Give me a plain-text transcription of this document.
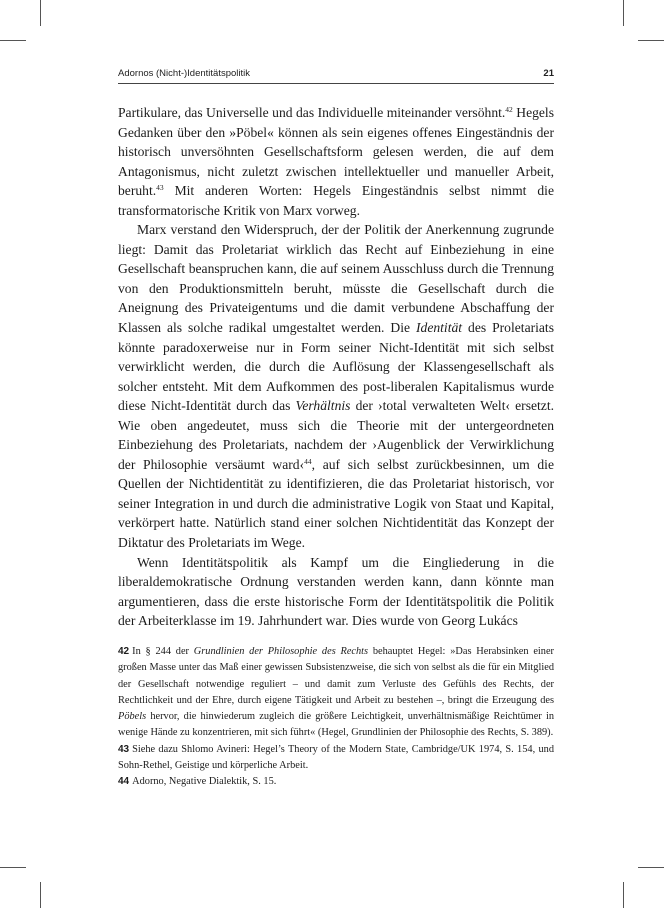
Adornos (Nicht-)Identitätspolitik	21

Partikulare, das Universelle und das Individuelle miteinander versöhnt.$^{42}$ Hegels Gedanken über den »Pöbel« können als sein eigenes offenes Eingeständnis der historisch unversöhnten Gesellschaftsform gelesen werden, die auf dem Antagonismus, nicht zuletzt zwischen intellektueller und manueller Arbeit, beruht.$^{43}$ Mit anderen Worten: Hegels Eingeständnis selbst nimmt die transformatorische Kritik von Marx vorweg.

Marx verstand den Widerspruch, der der Politik der Anerkennung zugrunde liegt: Damit das Proletariat wirklich das Recht auf Einbeziehung in eine Gesellschaft beanspruchen kann, die auf seinem Ausschluss durch die Trennung von den Produktionsmitteln beruht, müsste die Gesellschaft durch die Aneignung des Privateigentums und die damit verbundene Abschaffung der Klassen als solche radikal umgestaltet werden. Die Identität des Proletariats könnte paradoxerweise nur in Form seiner Nicht-Identität mit sich selbst verwirklicht werden, die durch die Auflösung der Klassengesellschaft als solcher entsteht. Mit dem Aufkommen des post-liberalen Kapitalismus wurde diese Nicht-Identität durch das Verhältnis der ›total verwalteten Welt‹ ersetzt. Wie oben angedeutet, muss sich die Theorie mit der untergeordneten Einbeziehung des Proletariats, nachdem der ›Augenblick der Verwirklichung der Philosophie versäumt ward‹$^{44}$, auf sich selbst zurückbesinnen, um die Quellen der Nichtidentität zu identifizieren, die das Proletariat historisch, vor seiner Integration in und durch die administrative Logik von Staat und Kapital, verkörpert hatte. Natürlich stand einer solchen Nichtidentität das Konzept der Diktatur des Proletariats im Wege.

Wenn Identitätspolitik als Kampf um die Eingliederung in die liberaldemokratische Ordnung verstanden werden kann, dann könnte man argumentieren, dass die erste historische Form der Identitätspolitik die Politik der Arbeiterklasse im 19. Jahrhundert war. Dies wurde von Georg Lukács

42 In § 244 der Grundlinien der Philosophie des Rechts behauptet Hegel: »Das Herabsinken einer großen Masse unter das Maß einer gewissen Subsistenzweise, die sich von selbst als die für ein Mitglied der Gesellschaft notwendige reguliert – und damit zum Verluste des Gefühls des Rechts, der Rechtlichkeit und der Ehre, durch eigene Tätigkeit und Arbeit zu bestehen –, bringt die Erzeugung des Pöbels hervor, die hinwiederum zugleich die größere Leichtigkeit, unverhältnismäßige Reichtümer in wenige Hände zu konzentrieren, mit sich führt« (Hegel, Grundlinien der Philosophie des Rechts, S. 389).

43 Siehe dazu Shlomo Avineri: Hegel’s Theory of the Modern State, Cambridge/UK 1974, S. 154, und Sohn-Rethel, Geistige und körperliche Arbeit.

44 Adorno, Negative Dialektik, S. 15.
